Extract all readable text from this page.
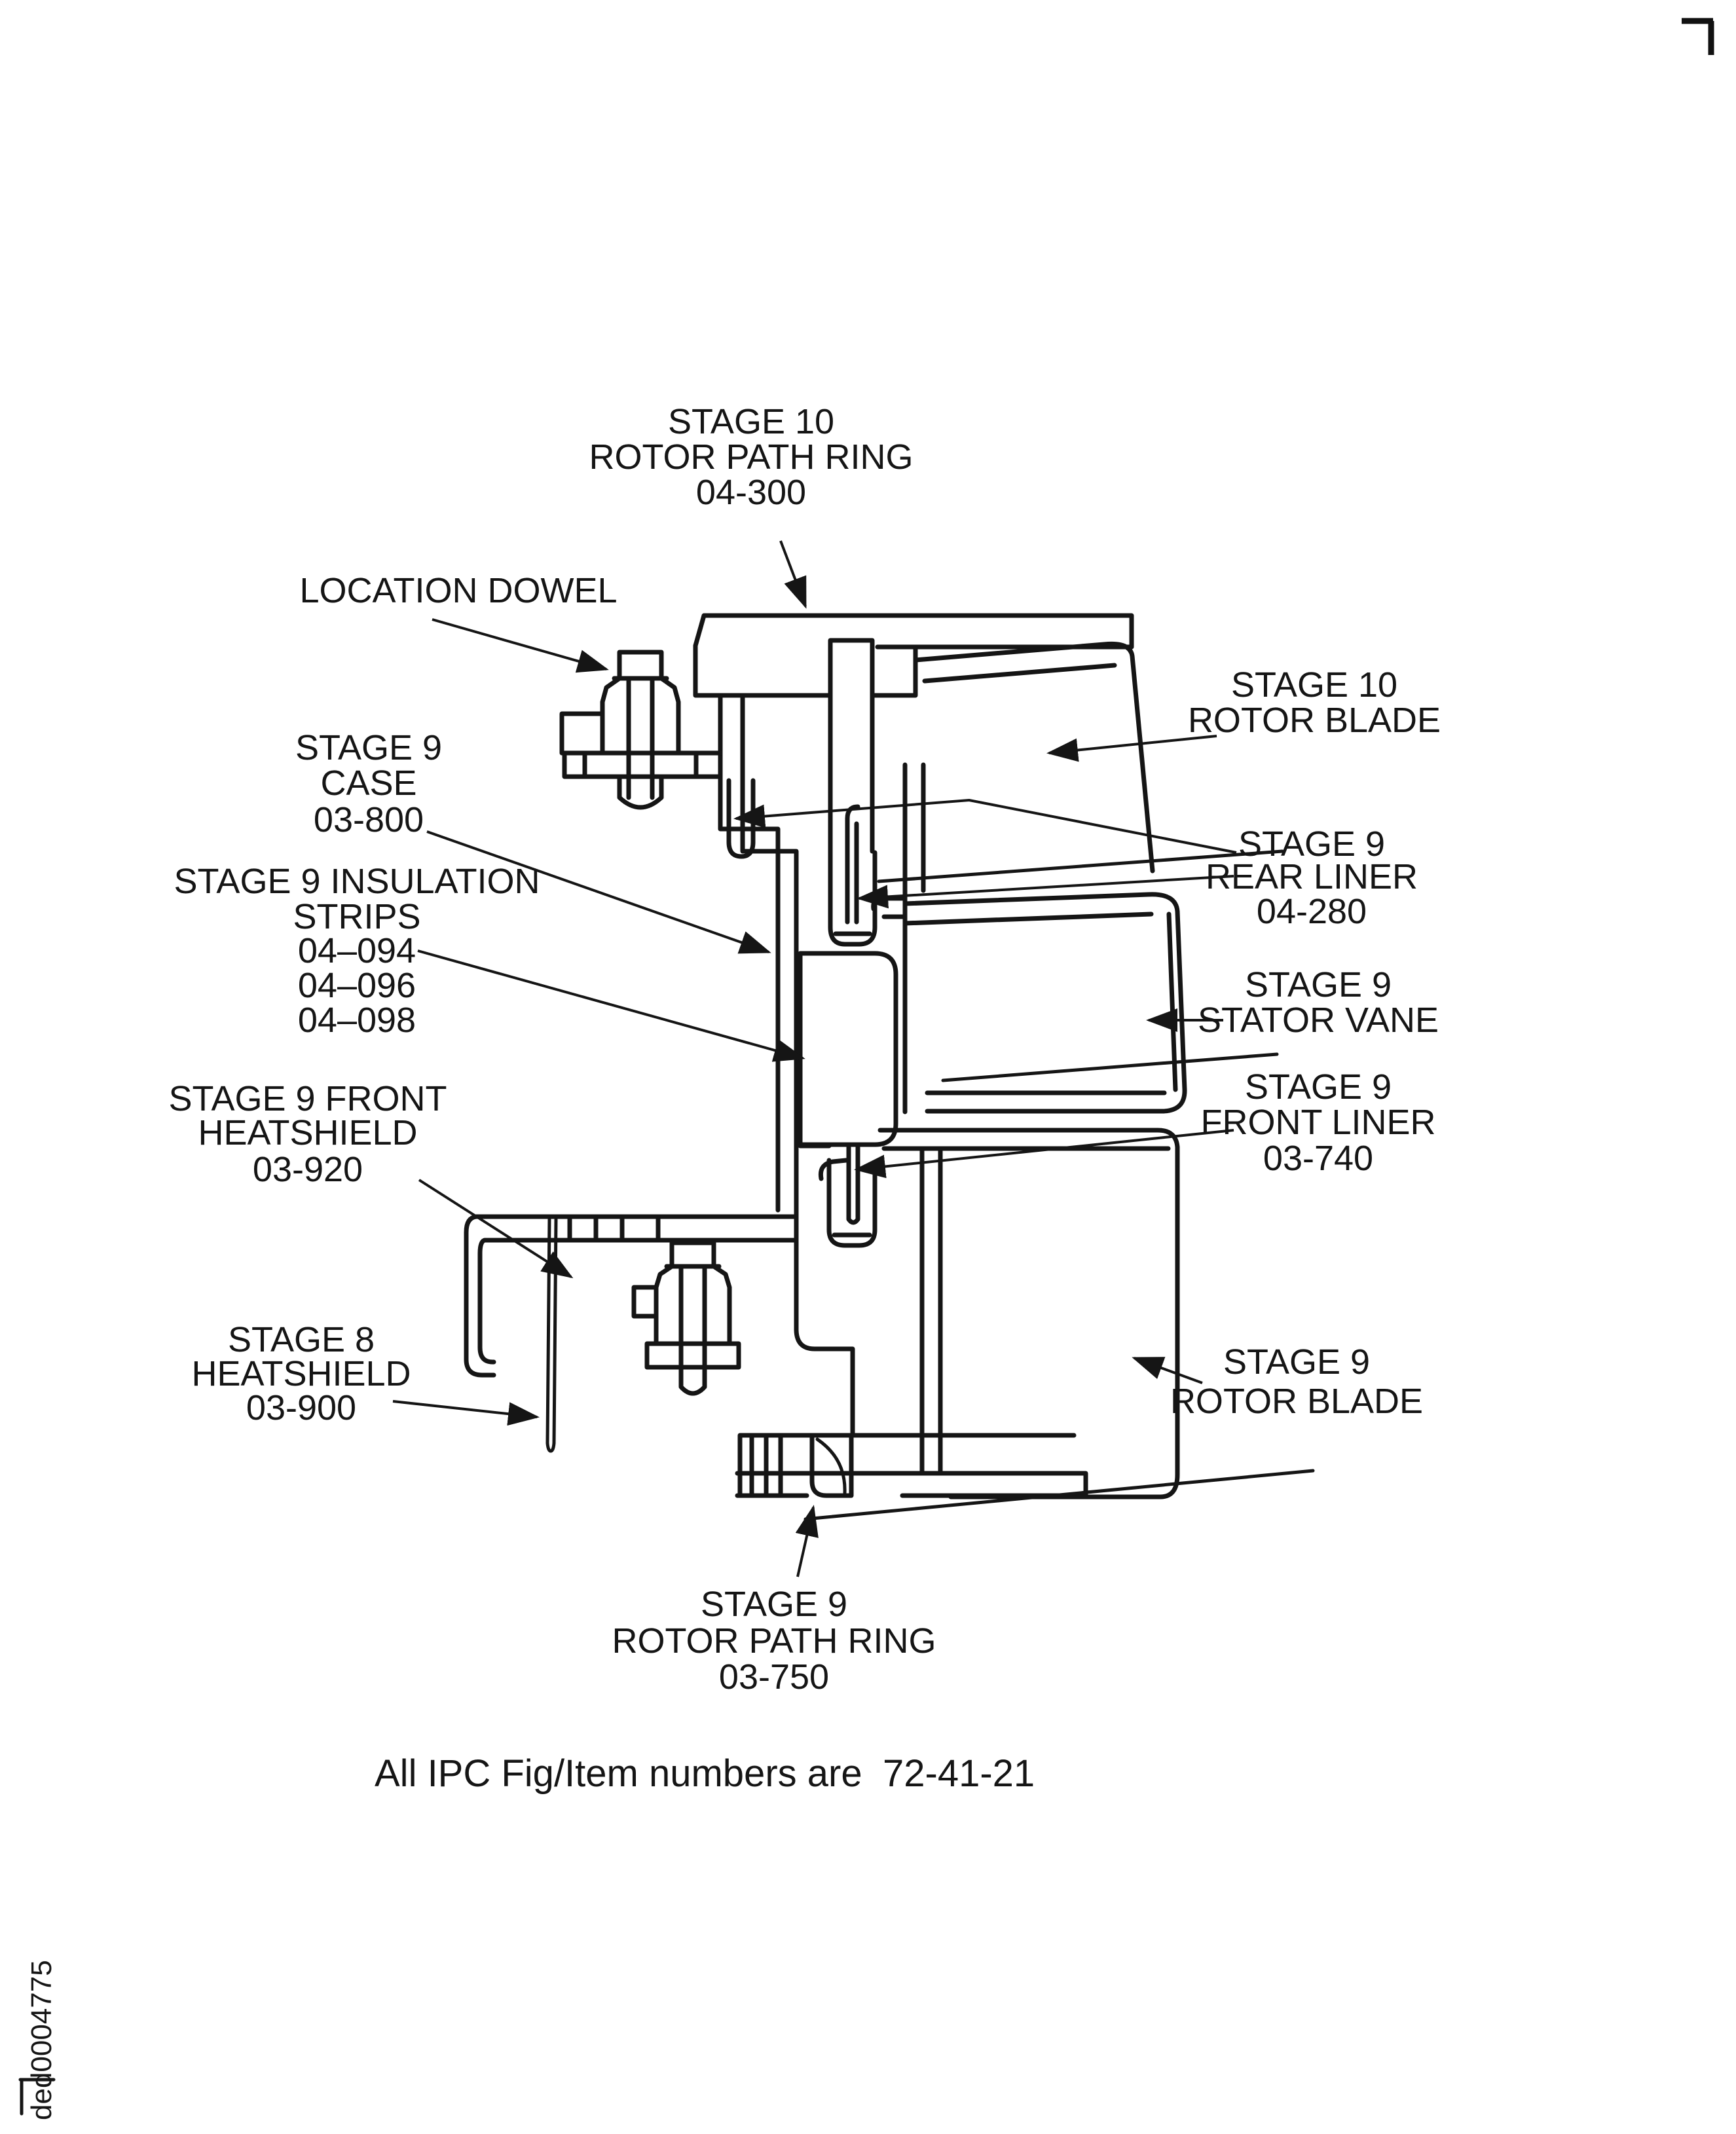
STAGE 10
ROTOR PATH RING
04-300
LOCATION DOWEL
STAGE 9
CASE
03-800
STAGE 9 INSULATION
STRIPS
04–094
04–096
04–098
STAGE 9 FRONT
HEATSHIELD
03-920
STAGE 8
HEATSHIELD
03-900
STAGE 10
ROTOR BLADE
STAGE 9
REAR LINER
04-280
STAGE 9
STATOR VANE
STAGE 9
FRONT LINER
03-740
STAGE 9
ROTOR BLADE
STAGE 9
ROTOR PATH RING
03-750
All IPC Fig/Item numbers are 72-41-21
ded0004775
